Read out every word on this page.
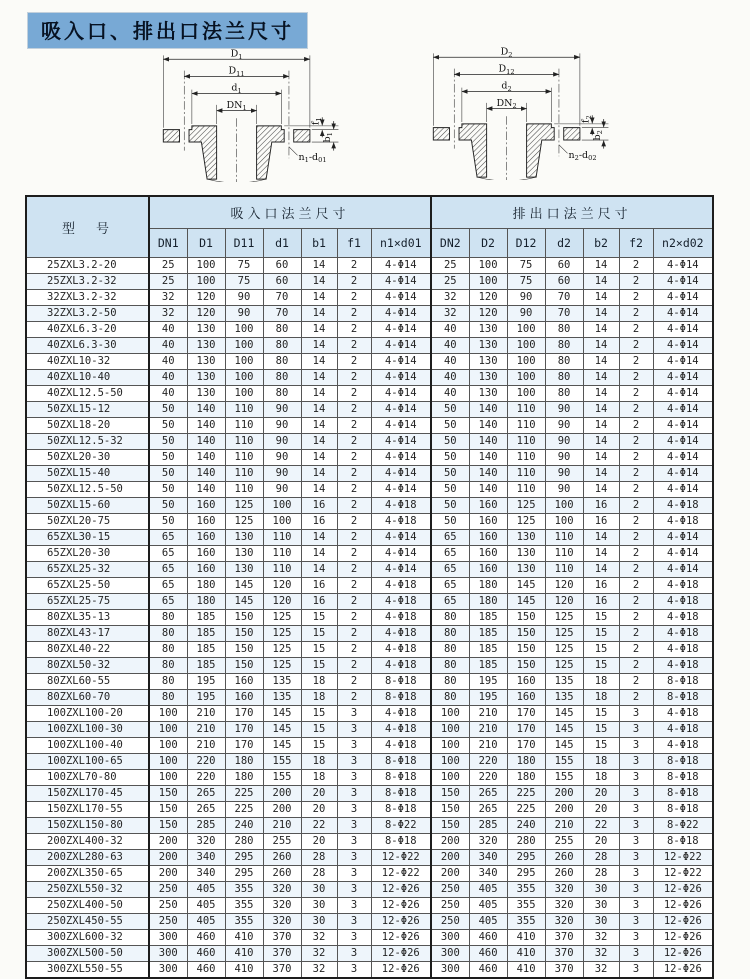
吸入口、排出口法兰尺寸
$D_1$
$D_{11}$
$d_1$
$DN_1$
$f_1$
$b_1$
$n_1-d_{01}$
$D_2$
$D_{12}$
$d_2$
$DN_2$
$f_2$
$b_2$
$n_2-d_{02}$
型　号	吸入口法兰尺寸							排出口法兰尺寸						
	DN1	D1	D11	d1	b1	f1	n1×d01	DN2	D2	D12	d2	b2	f2	n2×d02
25ZXL3.2-20	25	100	75	60	14	2	4-Φ14	25	100	75	60	14	2	4-Φ14
25ZXL3.2-32	25	100	75	60	14	2	4-Φ14	25	100	75	60	14	2	4-Φ14
32ZXL3.2-32	32	120	90	70	14	2	4-Φ14	32	120	90	70	14	2	4-Φ14
32ZXL3.2-50	32	120	90	70	14	2	4-Φ14	32	120	90	70	14	2	4-Φ14
40ZXL6.3-20	40	130	100	80	14	2	4-Φ14	40	130	100	80	14	2	4-Φ14
40ZXL6.3-30	40	130	100	80	14	2	4-Φ14	40	130	100	80	14	2	4-Φ14
40ZXL10-32	40	130	100	80	14	2	4-Φ14	40	130	100	80	14	2	4-Φ14
40ZXL10-40	40	130	100	80	14	2	4-Φ14	40	130	100	80	14	2	4-Φ14
40ZXL12.5-50	40	130	100	80	14	2	4-Φ14	40	130	100	80	14	2	4-Φ14
50ZXL15-12	50	140	110	90	14	2	4-Φ14	50	140	110	90	14	2	4-Φ14
50ZXL18-20	50	140	110	90	14	2	4-Φ14	50	140	110	90	14	2	4-Φ14
50ZXL12.5-32	50	140	110	90	14	2	4-Φ14	50	140	110	90	14	2	4-Φ14
50ZXL20-30	50	140	110	90	14	2	4-Φ14	50	140	110	90	14	2	4-Φ14
50ZXL15-40	50	140	110	90	14	2	4-Φ14	50	140	110	90	14	2	4-Φ14
50ZXL12.5-50	50	140	110	90	14	2	4-Φ14	50	140	110	90	14	2	4-Φ14
50ZXL15-60	50	160	125	100	16	2	4-Φ18	50	160	125	100	16	2	4-Φ18
50ZXL20-75	50	160	125	100	16	2	4-Φ18	50	160	125	100	16	2	4-Φ18
65ZXL30-15	65	160	130	110	14	2	4-Φ14	65	160	130	110	14	2	4-Φ14
65ZXL20-30	65	160	130	110	14	2	4-Φ14	65	160	130	110	14	2	4-Φ14
65ZXL25-32	65	160	130	110	14	2	4-Φ14	65	160	130	110	14	2	4-Φ14
65ZXL25-50	65	180	145	120	16	2	4-Φ18	65	180	145	120	16	2	4-Φ18
65ZXL25-75	65	180	145	120	16	2	4-Φ18	65	180	145	120	16	2	4-Φ18
80ZXL35-13	80	185	150	125	15	2	4-Φ18	80	185	150	125	15	2	4-Φ18
80ZXL43-17	80	185	150	125	15	2	4-Φ18	80	185	150	125	15	2	4-Φ18
80ZXL40-22	80	185	150	125	15	2	4-Φ18	80	185	150	125	15	2	4-Φ18
80ZXL50-32	80	185	150	125	15	2	4-Φ18	80	185	150	125	15	2	4-Φ18
80ZXL60-55	80	195	160	135	18	2	8-Φ18	80	195	160	135	18	2	8-Φ18
80ZXL60-70	80	195	160	135	18	2	8-Φ18	80	195	160	135	18	2	8-Φ18
100ZXL100-20	100	210	170	145	15	3	4-Φ18	100	210	170	145	15	3	4-Φ18
100ZXL100-30	100	210	170	145	15	3	4-Φ18	100	210	170	145	15	3	4-Φ18
100ZXL100-40	100	210	170	145	15	3	4-Φ18	100	210	170	145	15	3	4-Φ18
100ZXL100-65	100	220	180	155	18	3	8-Φ18	100	220	180	155	18	3	8-Φ18
100ZXL70-80	100	220	180	155	18	3	8-Φ18	100	220	180	155	18	3	8-Φ18
150ZXL170-45	150	265	225	200	20	3	8-Φ18	150	265	225	200	20	3	8-Φ18
150ZXL170-55	150	265	225	200	20	3	8-Φ18	150	265	225	200	20	3	8-Φ18
150ZXL150-80	150	285	240	210	22	3	8-Φ22	150	285	240	210	22	3	8-Φ22
200ZXL400-32	200	320	280	255	20	3	8-Φ18	200	320	280	255	20	3	8-Φ18
200ZXL280-63	200	340	295	260	28	3	12-Φ22	200	340	295	260	28	3	12-Φ22
200ZXL350-65	200	340	295	260	28	3	12-Φ22	200	340	295	260	28	3	12-Φ22
250ZXL550-32	250	405	355	320	30	3	12-Φ26	250	405	355	320	30	3	12-Φ26
250ZXL400-50	250	405	355	320	30	3	12-Φ26	250	405	355	320	30	3	12-Φ26
250ZXL450-55	250	405	355	320	30	3	12-Φ26	250	405	355	320	30	3	12-Φ26
300ZXL600-32	300	460	410	370	32	3	12-Φ26	300	460	410	370	32	3	12-Φ26
300ZXL500-50	300	460	410	370	32	3	12-Φ26	300	460	410	370	32	3	12-Φ26
300ZXL550-55	300	460	410	370	32	3	12-Φ26	300	460	410	370	32	3	12-Φ26
